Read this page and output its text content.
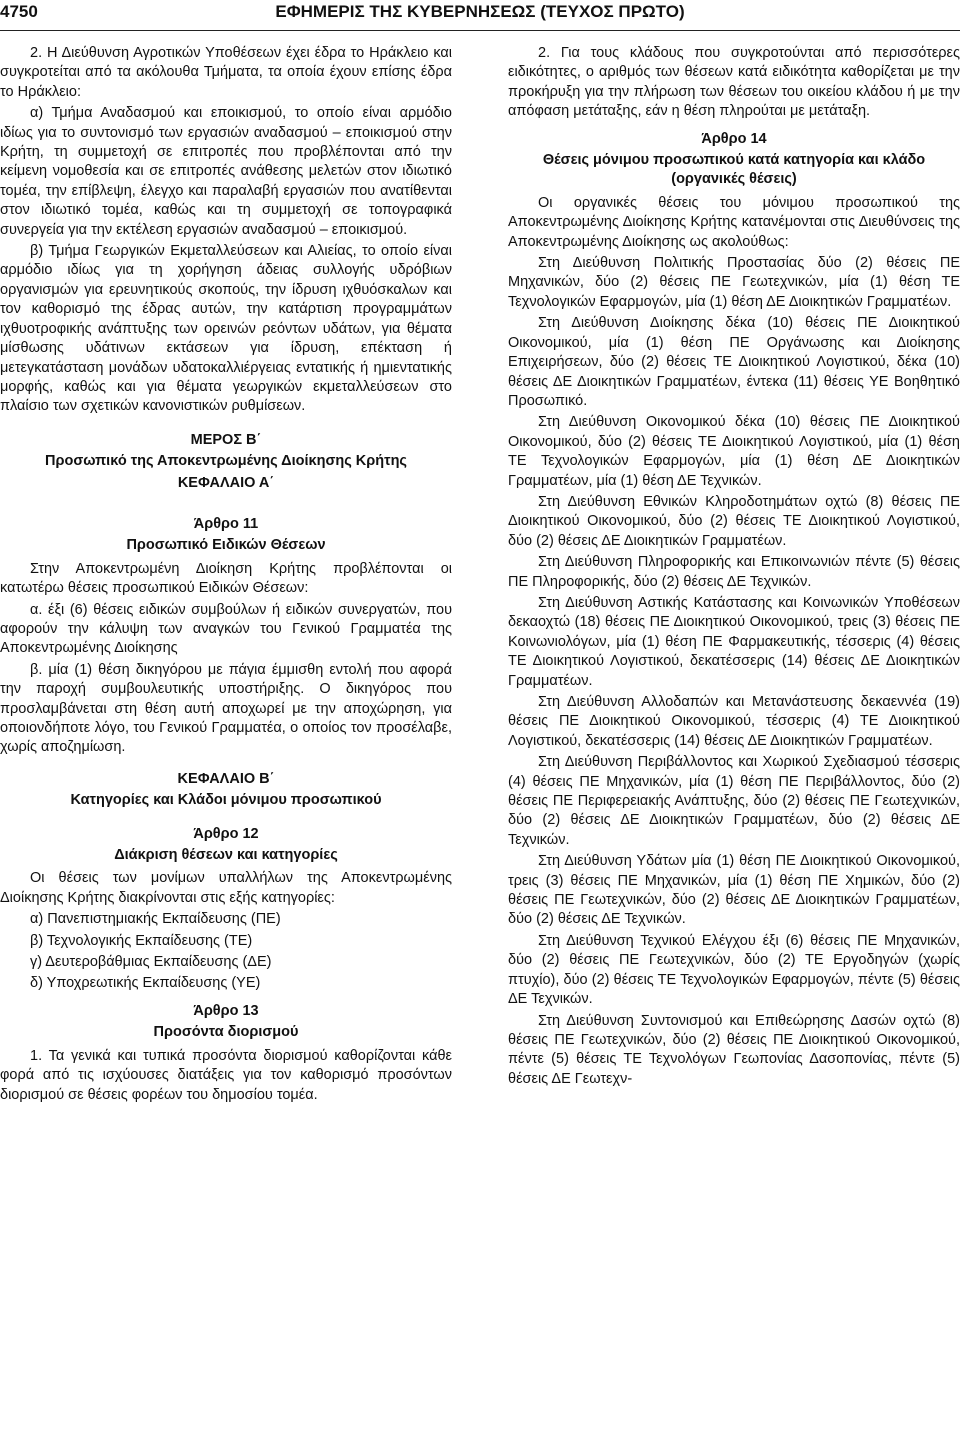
4750	ΕΦΗΜΕΡΙΣ ΤΗΣ ΚΥΒΕΡΝΗΣΕΩΣ (ΤΕΥΧΟΣ ΠΡΩΤΟ)

2. Η Διεύθυνση Αγροτικών Υποθέσεων έχει έδρα το Ηράκλειο και συγκροτείται από τα ακόλουθα Τμήματα, τα οποία έχουν επίσης έδρα το Ηράκλειο:

α) Τμήμα Αναδασμού και εποικισμού, το οποίο είναι αρμόδιο ιδίως για το συντονισμό των εργασιών αναδασμού – εποικισμού στην Κρήτη, τη συμμετοχή σε επιτροπές που προβλέπονται από την κείμενη νομοθεσία και σε επιτροπές ανάθεσης μελετών στον ιδιωτικό τομέα, την επίβλεψη, έλεγχο και παραλαβή εργασιών που ανατίθενται στον ιδιωτικό τομέα, καθώς και τη συμμετοχή σε τοπογραφικά συνεργεία για την εκτέλεση εργασιών αναδασμού – εποικισμού.

β) Τμήμα Γεωργικών Εκμεταλλεύσεων και Αλιείας, το οποίο είναι αρμόδιο ιδίως για τη χορήγηση άδειας συλλογής υδρόβιων οργανισμών για ερευνητικούς σκοπούς, την ίδρυση ιχθυόσκαλων και τον καθορισμό της έδρας αυτών, την κατάρτιση προγραμμάτων ιχθυοτροφικής ανάπτυξης των ορεινών ρεόντων υδάτων, για θέματα μίσθωσης υδάτινων εκτάσεων για ίδρυση, επέκταση ή μετεγκατάσταση μονάδων υδατοκαλλιέργειας εντατικής ή ημιεντατικής μορφής, καθώς και για θέματα γεωργικών εκμεταλλεύσεων στο πλαίσιο των σχετικών κανονιστικών ρυθμίσεων.

ΜΕΡΟΣ Β΄
Προσωπικό της Αποκεντρωμένης Διοίκησης Κρήτης
ΚΕΦΑΛΑΙΟ Α΄
Άρθρο 11
Προσωπικό Ειδικών Θέσεων

Στην Αποκεντρωμένη Διοίκηση Κρήτης προβλέπονται οι κατωτέρω θέσεις προσωπικού Ειδικών Θέσεων:

α. έξι (6) θέσεις ειδικών συμβούλων ή ειδικών συνεργατών, που αφορούν την κάλυψη των αναγκών του Γενικού Γραμματέα της Αποκεντρωμένης Διοίκησης

β. μία (1) θέση δικηγόρου με πάγια έμμισθη εντολή που αφορά την παροχή συμβουλευτικής υποστήριξης. Ο δικηγόρος που προσλαμβάνεται στη θέση αυτή αποχωρεί με την αποχώρηση, για οποιονδήποτε λόγο, του Γενικού Γραμματέα, ο οποίος τον προσέλαβε, χωρίς αποζημίωση.

ΚΕΦΑΛΑΙΟ Β΄
Κατηγορίες και Κλάδοι μόνιμου προσωπικού
Άρθρο 12
Διάκριση θέσεων και κατηγορίες

Οι θέσεις των μονίμων υπαλλήλων της Αποκεντρωμένης Διοίκησης Κρήτης διακρίνονται στις εξής κατηγορίες:

α) Πανεπιστημιακής Εκπαίδευσης (ΠΕ)

β) Τεχνολογικής Εκπαίδευσης (ΤΕ)

γ) Δευτεροβάθμιας Εκπαίδευσης (ΔΕ)

δ) Υποχρεωτικής Εκπαίδευσης (ΥΕ)

Άρθρο 13
Προσόντα διορισμού

1. Τα γενικά και τυπικά προσόντα διορισμού καθορίζονται κάθε φορά από τις ισχύουσες διατάξεις για τον καθορισμό προσόντων διορισμού σε θέσεις φορέων του δημοσίου τομέα.

2. Για τους κλάδους που συγκροτούνται από περισσότερες ειδικότητες, ο αριθμός των θέσεων κατά ειδικότητα καθορίζεται με την προκήρυξη για την πλήρωση των θέσεων του οικείου κλάδου ή με την απόφαση μετάταξης, εάν η θέση πληρούται με μετάταξη.

Άρθρο 14
Θέσεις μόνιμου προσωπικού κατά κατηγορία και κλάδο (οργανικές θέσεις)

Οι οργανικές θέσεις του μόνιμου προσωπικού της Αποκεντρωμένης Διοίκησης Κρήτης κατανέμονται στις Διευθύνσεις της Αποκεντρωμένης Διοίκησης ως ακολούθως:

Στη Διεύθυνση Πολιτικής Προστασίας δύο (2) θέσεις ΠΕ Μηχανικών, δύο (2) θέσεις ΠΕ Γεωτεχνικών, μία (1) θέση ΤΕ Τεχνολογικών Εφαρμογών, μία (1) θέση ΔΕ Διοικητικών Γραμματέων.

Στη Διεύθυνση Διοίκησης δέκα (10) θέσεις ΠΕ Διοικητικού Οικονομικού, μία (1) θέση ΠΕ Οργάνωσης και Διοίκησης Επιχειρήσεων, δύο (2) θέσεις ΤΕ Διοικητικού Λογιστικού, δέκα (10) θέσεις ΔΕ Διοικητικών Γραμματέων, έντεκα (11) θέσεις ΥΕ Βοηθητικό Προσωπικό.

Στη Διεύθυνση Οικονομικού δέκα (10) θέσεις ΠΕ Διοικητικού Οικονομικού, δύο (2) θέσεις ΤΕ Διοικητικού Λογιστικού, μία (1) θέση ΤΕ Τεχνολογικών Εφαρμογών, μία (1) θέση ΔΕ Διοικητικών Γραμματέων, μία (1) θέση ΔΕ Τεχνικών.

Στη Διεύθυνση Εθνικών Κληροδοτημάτων οχτώ (8) θέσεις ΠΕ Διοικητικού Οικονομικού, δύο (2) θέσεις ΤΕ Διοικητικού Λογιστικού, δύο (2) θέσεις ΔΕ Διοικητικών Γραμματέων.

Στη Διεύθυνση Πληροφορικής και Επικοινωνιών πέντε (5) θέσεις ΠΕ Πληροφορικής, δύο (2) θέσεις ΔΕ Τεχνικών.

Στη Διεύθυνση Αστικής Κατάστασης και Κοινωνικών Υποθέσεων δεκαοχτώ (18) θέσεις ΠΕ Διοικητικού Οικονομικού, τρεις (3) θέσεις ΠΕ Κοινωνιολόγων, μία (1) θέση ΠΕ Φαρμακευτικής, τέσσερις (4) θέσεις ΤΕ Διοικητικού Λογιστικού, δεκατέσσερις (14) θέσεις ΔΕ Διοικητικών Γραμματέων.

Στη Διεύθυνση Αλλοδαπών και Μετανάστευσης δεκαεννέα (19) θέσεις ΠΕ Διοικητικού Οικονομικού, τέσσερις (4) ΤΕ Διοικητικού Λογιστικού, δεκατέσσερις (14) θέσεις ΔΕ Διοικητικών Γραμματέων.

Στη Διεύθυνση Περιβάλλοντος και Χωρικού Σχεδιασμού τέσσερις (4) θέσεις ΠΕ Μηχανικών, μία (1) θέση ΠΕ Περιβάλλοντος, δύο (2) θέσεις ΠΕ Περιφερειακής Ανάπτυξης, δύο (2) θέσεις ΠΕ Γεωτεχνικών, δύο (2) θέσεις ΔΕ Διοικητικών Γραμματέων, δύο (2) θέσεις ΔΕ Τεχνικών.

Στη Διεύθυνση Υδάτων μία (1) θέση ΠΕ Διοικητικού Οικονομικού, τρεις (3) θέσεις ΠΕ Μηχανικών, μία (1) θέση ΠΕ Χημικών, δύο (2) θέσεις ΠΕ Γεωτεχνικών, δύο (2) θέσεις ΔΕ Διοικητικών Γραμματέων, δύο (2) θέσεις ΔΕ Τεχνικών.

Στη Διεύθυνση Τεχνικού Ελέγχου έξι (6) θέσεις ΠΕ Μηχανικών, δύο (2) θέσεις ΠΕ Γεωτεχνικών, δύο (2) ΤΕ Εργοδηγών (χωρίς πτυχίο), δύο (2) θέσεις ΤΕ Τεχνολογικών Εφαρμογών, πέντε (5) θέσεις ΔΕ Τεχνικών.

Στη Διεύθυνση Συντονισμού και Επιθεώρησης Δασών οχτώ (8) θέσεις ΠΕ Γεωτεχνικών, δύο (2) θέσεις ΠΕ Διοικητικού Οικονομικού, πέντε (5) θέσεις ΤΕ Τεχνολόγων Γεωπονίας Δασοπονίας, πέντε (5) θέσεις ΔΕ Γεωτεχν-
